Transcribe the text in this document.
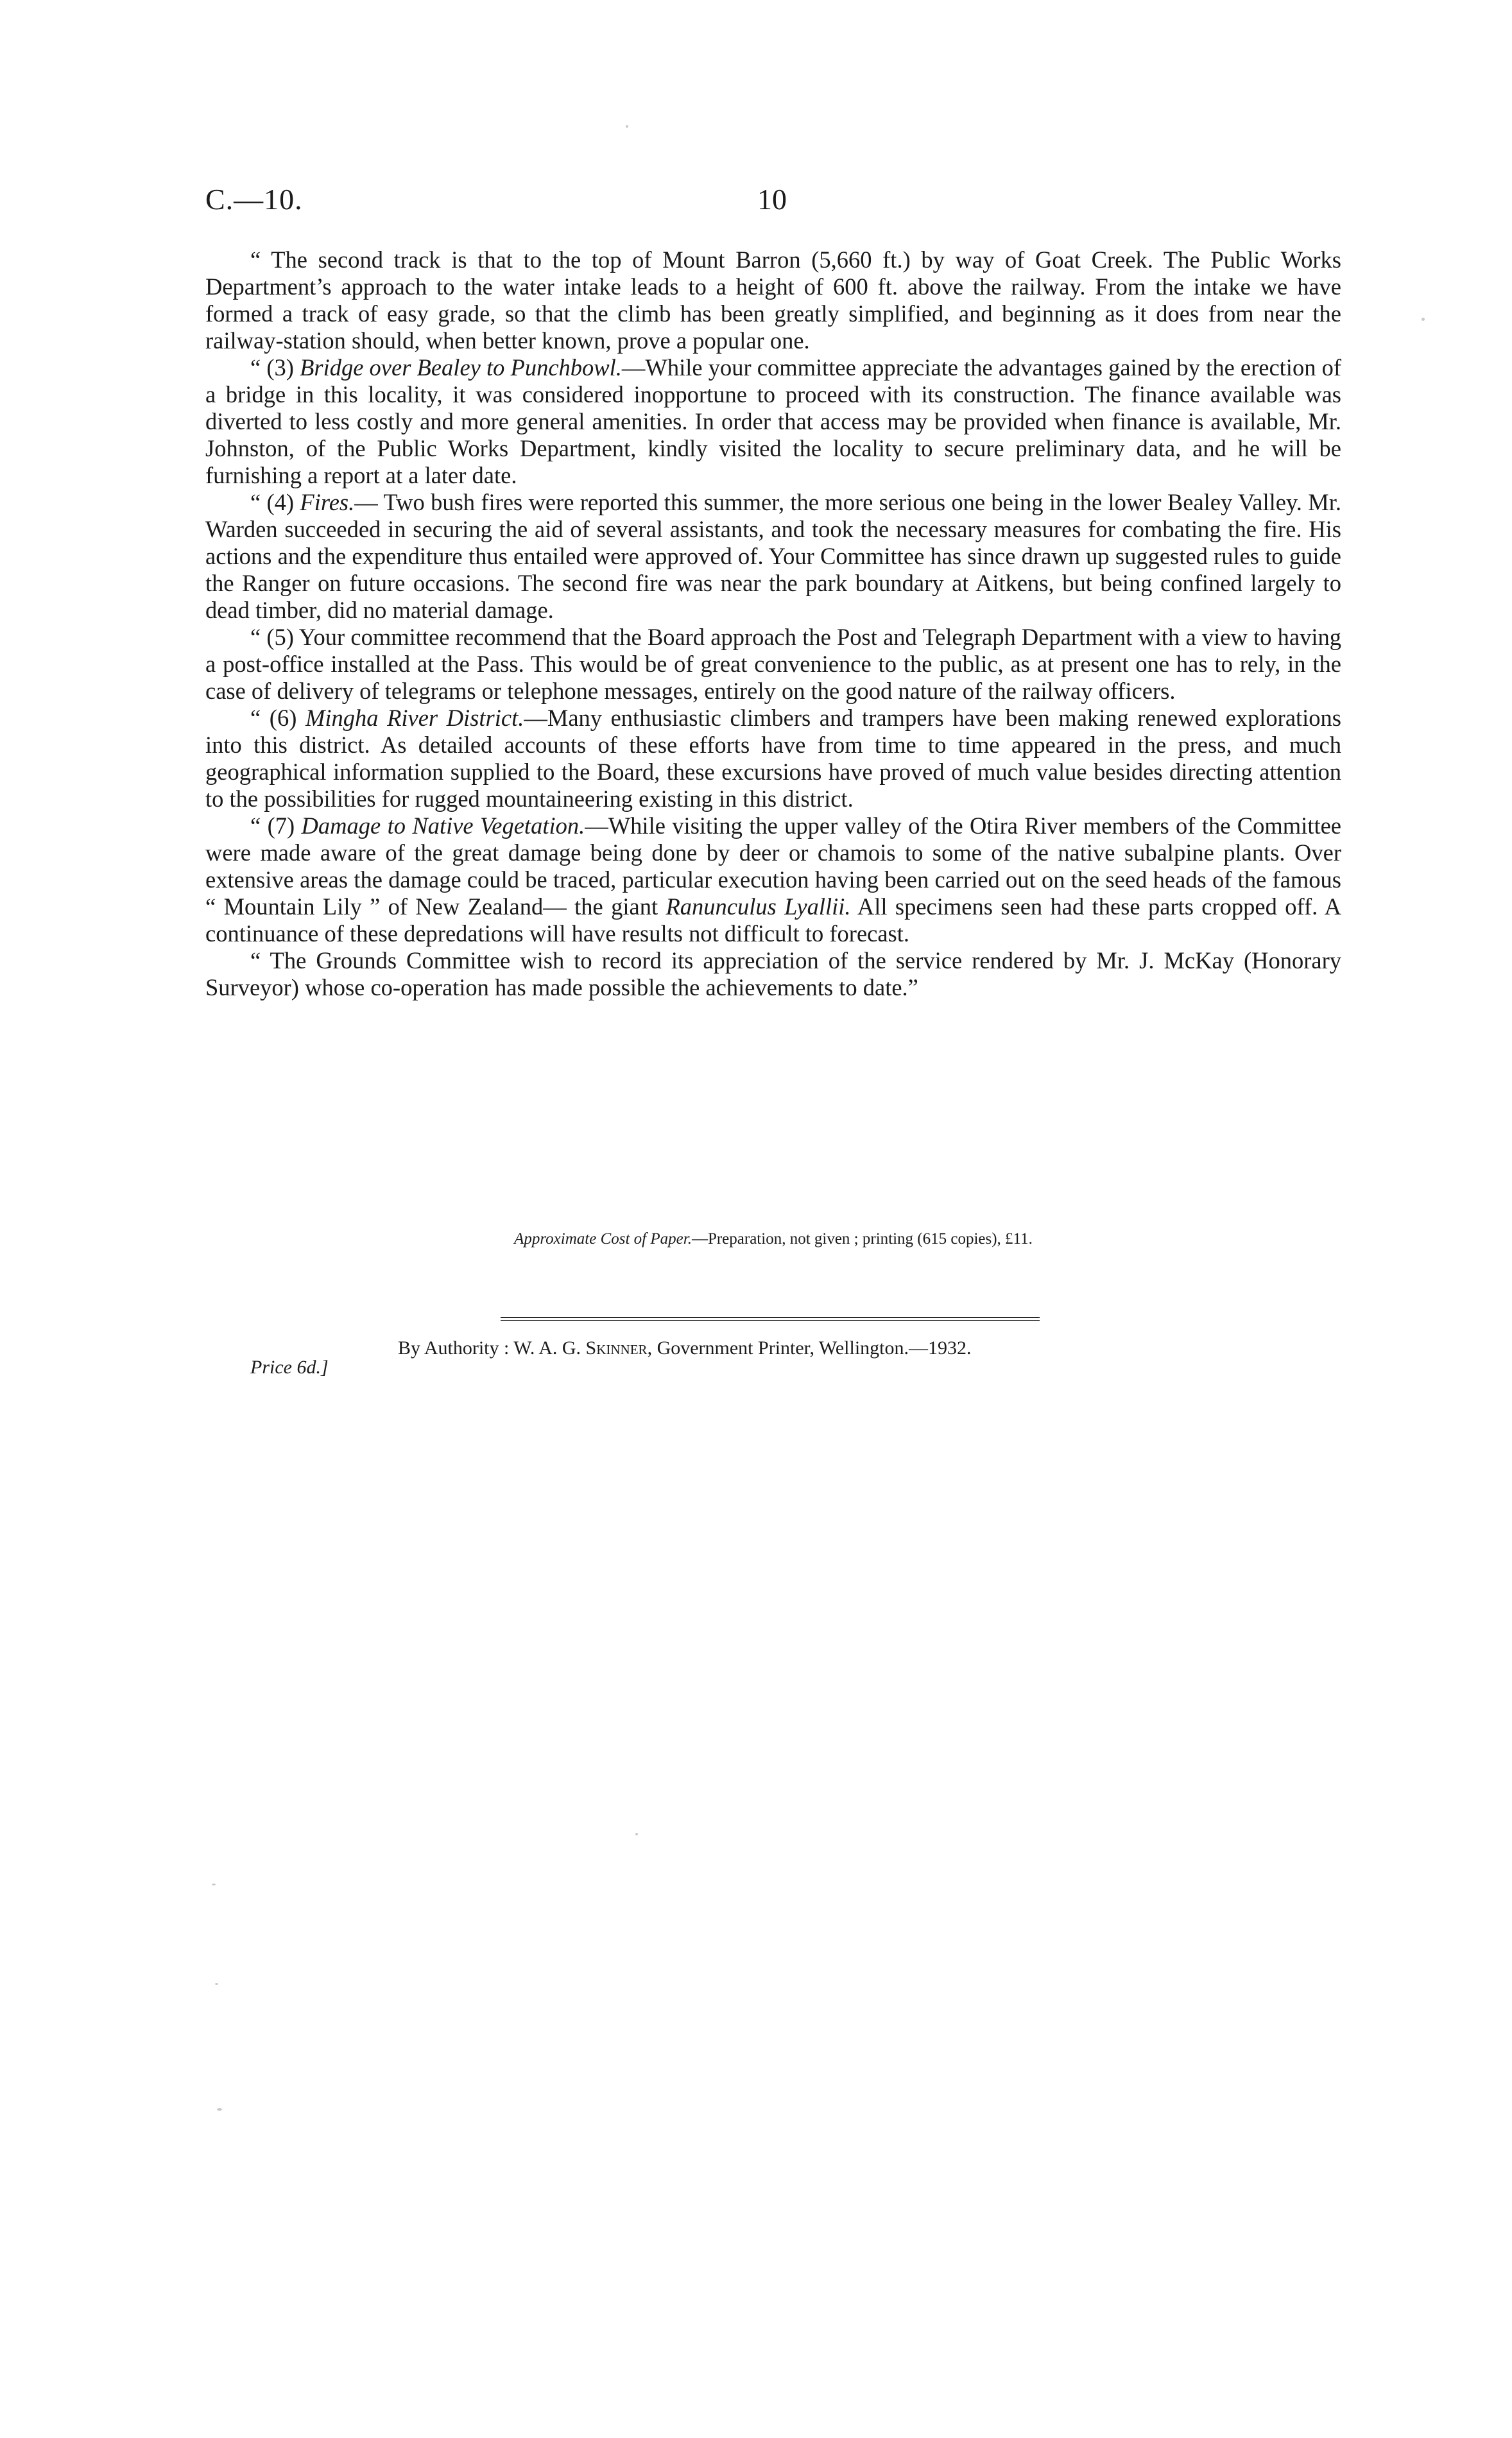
C.—10.	10

“ The second track is that to the top of Mount Barron (5,660 ft.) by way of Goat Creek. The Public Works Department’s approach to the water intake leads to a height of 600 ft. above the railway. From the intake we have formed a track of easy grade, so that the climb has been greatly simplified, and beginning as it does from near the railway-station should, when better known, prove a popular one.

“ (3) Bridge over Bealey to Punchbowl.—While your committee appreciate the advantages gained by the erection of a bridge in this locality, it was considered inopportune to proceed with its construction. The finance available was diverted to less costly and more general amenities. In order that access may be provided when finance is available, Mr. Johnston, of the Public Works Department, kindly visited the locality to secure preliminary data, and he will be furnishing a report at a later date.

“ (4) Fires.— Two bush fires were reported this summer, the more serious one being in the lower Bealey Valley. Mr. Warden succeeded in securing the aid of several assistants, and took the necessary measures for combating the fire. His actions and the expenditure thus entailed were approved of. Your Committee has since drawn up suggested rules to guide the Ranger on future occasions. The second fire was near the park boundary at Aitkens, but being confined largely to dead timber, did no material damage.

“ (5) Your committee recommend that the Board approach the Post and Telegraph Department with a view to having a post-office installed at the Pass. This would be of great convenience to the public, as at present one has to rely, in the case of delivery of telegrams or telephone messages, entirely on the good nature of the railway officers.

“ (6) Mingha River District.—Many enthusiastic climbers and trampers have been making renewed explorations into this district. As detailed accounts of these efforts have from time to time appeared in the press, and much geographical information supplied to the Board, these excursions have proved of much value besides directing attention to the possibilities for rugged mountaineering existing in this district.

“ (7) Damage to Native Vegetation.—While visiting the upper valley of the Otira River members of the Committee were made aware of the great damage being done by deer or chamois to some of the native subalpine plants. Over extensive areas the damage could be traced, particular execution having been carried out on the seed heads of the famous “ Mountain Lily ” of New Zealand— the giant Ranunculus Lyallii. All specimens seen had these parts cropped off. A continuance of these depredations will have results not difficult to forecast.

“ The Grounds Committee wish to record its appreciation of the service rendered by Mr. J. McKay (Honorary Surveyor) whose co-operation has made possible the achievements to date.”

Approximate Cost of Paper.—Preparation, not given ; printing (615 copies), £11.
Price 6d.]
By Authority : W. A. G. Skinner, Government Printer, Wellington.—1932.
